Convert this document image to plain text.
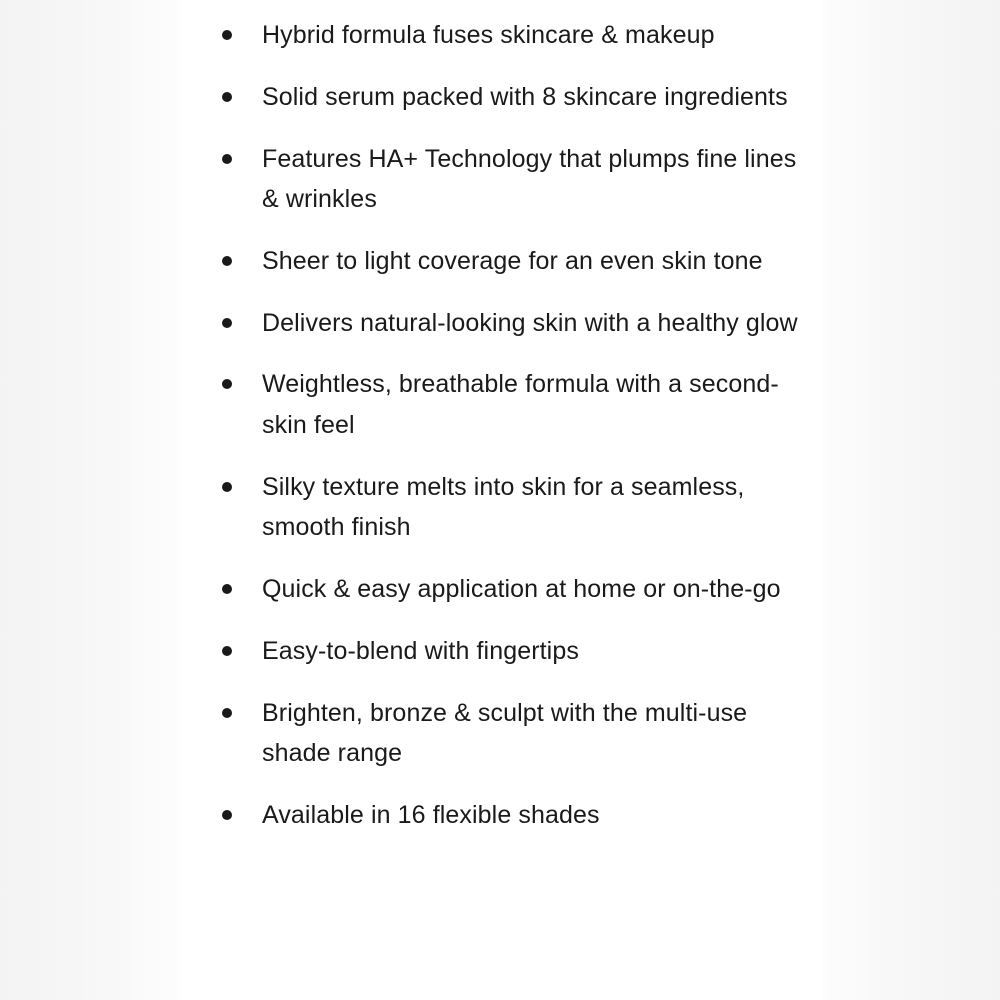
Hybrid formula fuses skincare & makeup
Solid serum packed with 8 skincare ingredients
Features HA+ Technology that plumps fine lines & wrinkles
Sheer to light coverage for an even skin tone
Delivers natural-looking skin with a healthy glow
Weightless, breathable formula with a second-skin feel
Silky texture melts into skin for a seamless, smooth finish
Quick & easy application at home or on-the-go
Easy-to-blend with fingertips
Brighten, bronze & sculpt with the multi-use shade range
Available in 16 flexible shades
